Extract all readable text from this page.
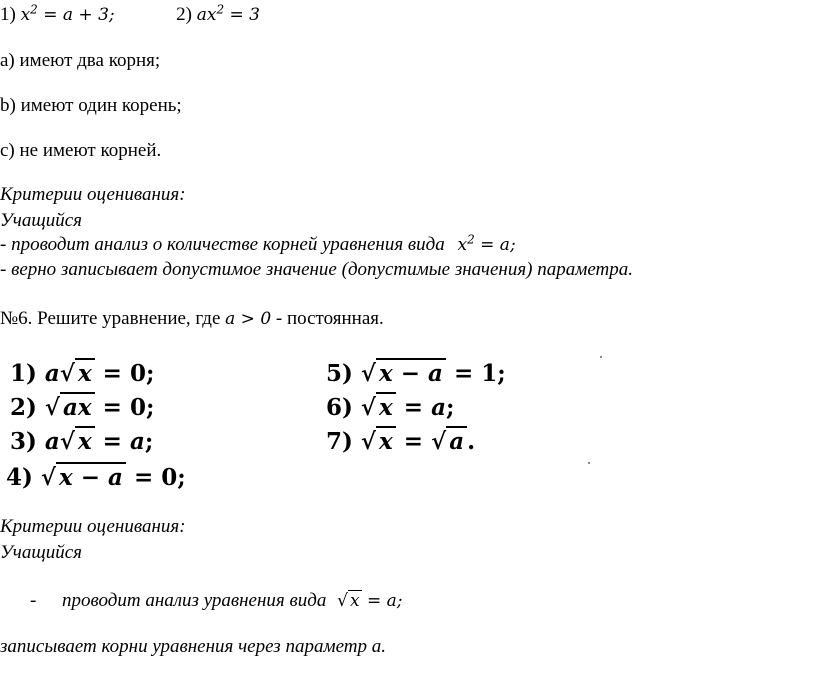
1) $x^2 = a + 3$;	2) $ax^2 = 3$
a) имеют два корня;
b) имеют один корень;
c) не имеют корней.
Критерии оценивания:
Учащийся
- проводит анализ о количестве корней уравнения вида $x^2 = a$;
- верно записывает допустимое значение (допустимые значения) параметра.
№6. Решите уравнение, где a > 0 - постоянная.
1) a√ x = 0;
2) √ ax = 0;
3) a√ x = a;
4) √ x − a = 0;
5) √ x − a = 1;
6) √ x = a;
7) √ x = √ a .
Критерии оценивания:
Учащийся
- проводит анализ уравнения вида √ x = a;
записывает корни уравнения через параметр а.
